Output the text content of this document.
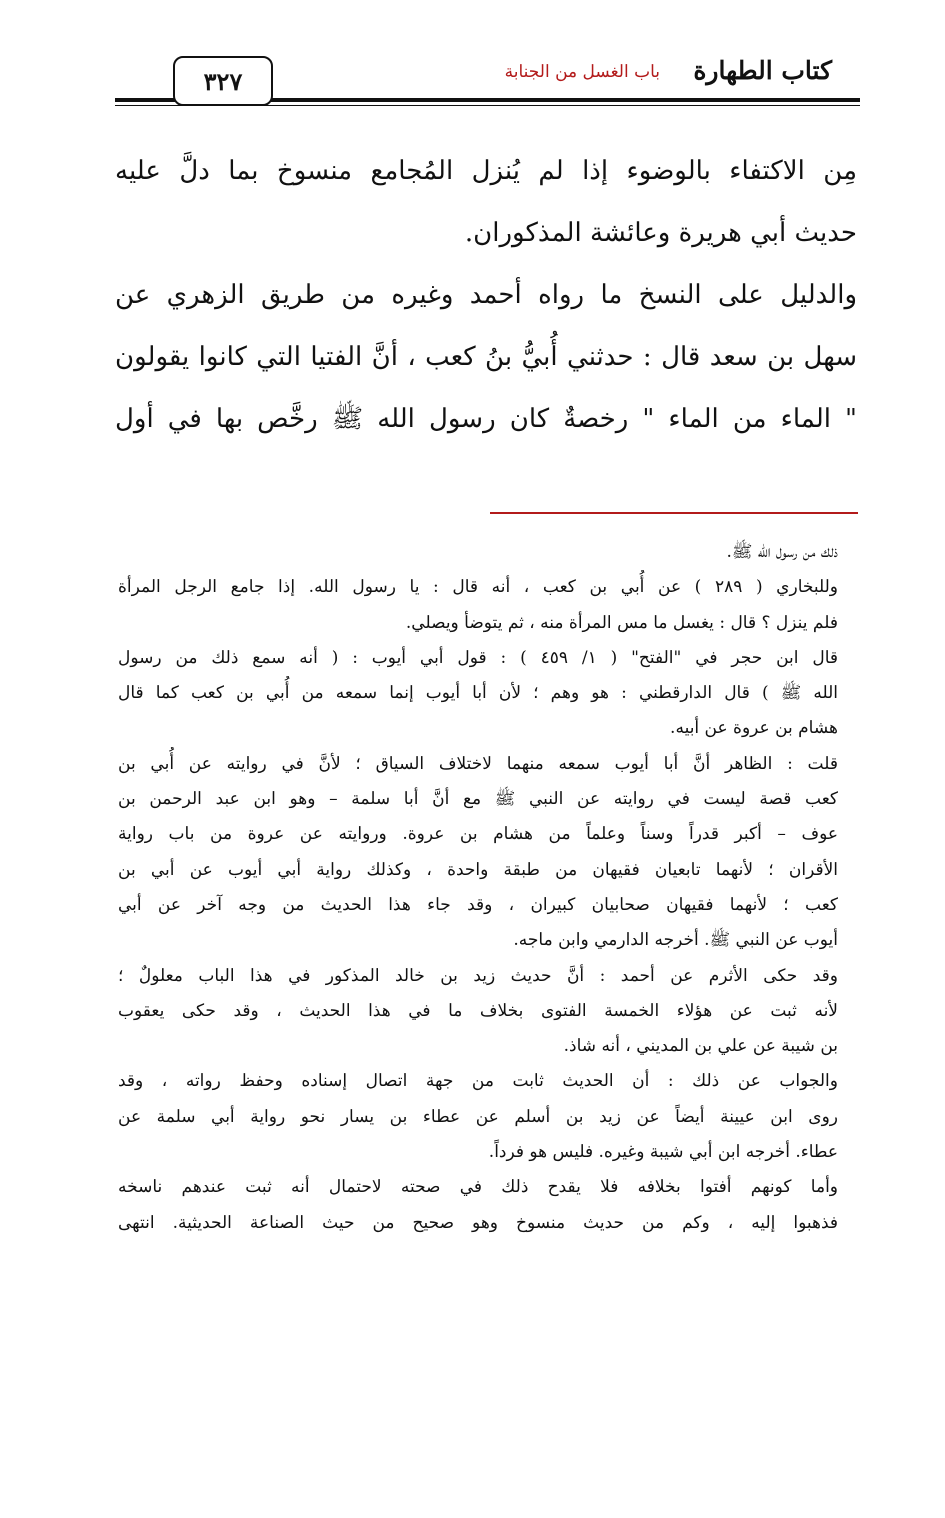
٣٢٧	باب الغسل من الجنابة كتاب الطهارة
مِن الاكتفاء بالوضوء إذا لم يُنزل المُجامع منسوخ بما دلَّ عليه
حديث أبي هريرة وعائشة المذكوران.
والدليل على النسخ ما رواه أحمد وغيره من طريق الزهري عن
سهل بن سعد قال : حدثني أُبيُّ بنُ كعب ، أنَّ الفتيا التي كانوا يقولون
" الماء من الماء " رخصةٌ كان رسول الله ﷺ رخَّص بها في أول
ذلك من رسول الله ﷺ.
وللبخاري ( ٢٨٩ ) عن أُبي بن كعب ، أنه قال : يا رسول الله. إذا جامع الرجل المرأة
فلم ينزل ؟ قال : يغسل ما مس المرأة منه ، ثم يتوضأ ويصلي.
قال ابن حجر في "الفتح" ( ١/ ٤٥٩ ) : قول أبي أيوب : ( أنه سمع ذلك من رسول
الله ﷺ ) قال الدارقطني : هو وهم ؛ لأن أبا أيوب إنما سمعه من أُبي بن كعب كما قال
هشام بن عروة عن أبيه.
قلت : الظاهر أنَّ أبا أيوب سمعه منهما لاختلاف السياق ؛ لأنَّ في روايته عن أُبي بن
كعب قصة ليست في روايته عن النبي ﷺ مع أنَّ أبا سلمة – وهو ابن عبد الرحمن بن
عوف – أكبر قدراً وسناً وعلماً من هشام بن عروة. وروايته عن عروة من باب رواية
الأقران ؛ لأنهما تابعيان فقيهان من طبقة واحدة ، وكذلك رواية أبي أيوب عن أبي بن
كعب ؛ لأنهما فقيهان صحابيان كبيران ، وقد جاء هذا الحديث من وجه آخر عن أبي
أيوب عن النبي ﷺ. أخرجه الدارمي وابن ماجه.
وقد حكى الأثرم عن أحمد : أنَّ حديث زيد بن خالد المذكور في هذا الباب معلولٌ ؛
لأنه ثبت عن هؤلاء الخمسة الفتوى بخلاف ما في هذا الحديث ، وقد حكى يعقوب
بن شيبة عن علي بن المديني ، أنه شاذ.
والجواب عن ذلك : أن الحديث ثابت من جهة اتصال إسناده وحفظ رواته ، وقد
روى ابن عيينة أيضاً عن زيد بن أسلم عن عطاء بن يسار نحو رواية أبي سلمة عن
عطاء. أخرجه ابن أبي شيبة وغيره. فليس هو فرداً.
وأما كونهم أفتوا بخلافه فلا يقدح ذلك في صحته لاحتمال أنه ثبت عندهم ناسخه
فذهبوا إليه ، وكم من حديث منسوخ وهو صحيح من حيث الصناعة الحديثية. انتهى
